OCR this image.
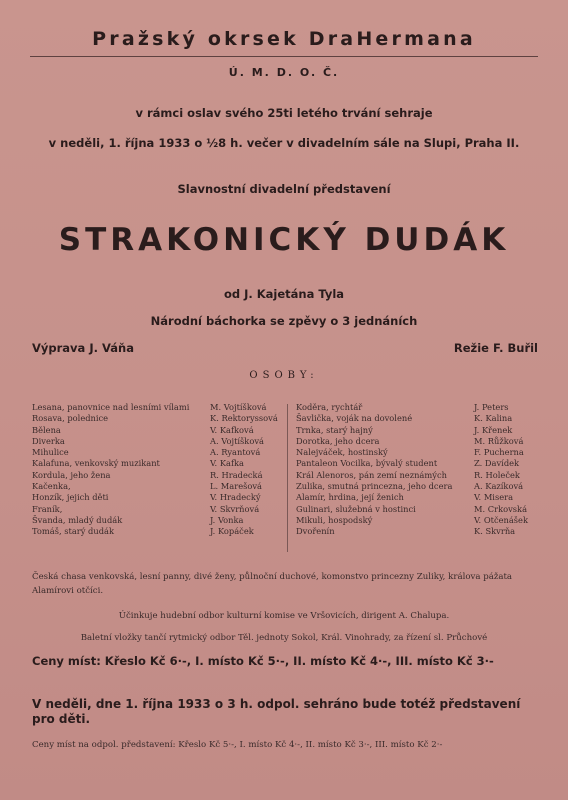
Pražský okrsek DraHermana
Ú. M. D. O. Č.
v rámci oslav svého 25ti letého trvání sehraje
v neděli, 1. října 1933 o ½8 h. večer v divadelním sále na Slupi, Praha II.
Slavnostní divadelní představení
STRAKONICKÝ DUDÁK
od J. Kajetána Tyla
Národní báchorka se zpěvy o 3 jednáních
Výprava J. Váňa	Režie F. Buřil
OSOBY:
Lesana, panovnice nad lesními vílami M. Vojtíšková
Rosava, polednice	K. Rektoryssová
Bělena	V. Kafková
Diverka	A. Vojtíšková
Mihulice	A. Ryantová
Kalafuna, venkovský muzikant	V. Kafka
Kordula, jeho žena	R. Hradecká
Kačenka,	L. Marešová
Honzík, jejich děti	V. Hradecký
Franík,	V. Skvrňová
Švanda, mladý dudák	J. Vonka
Tomáš, starý dudák	J. Kopáček
Koděra, rychtář	J. Peters
Šavlička, voják na dovolené	K. Kalina
Trnka, starý hajný	J. Křenek
Dorotka, jeho dcera	M. Růžková
Nalejváček, hostinský	F. Pucherna
Pantaleon Vocilka, bývalý student	Z. Davídek
Král Alenoros, pán zemí neznámých	R. Holeček
Zulika, smutná princezna, jeho dcera	A. Kazíková
Alamír, hrdina, její ženich	V. Misera
Gulinari, služebná v hostinci	M. Crkovská
Mikuli, hospodský	V. Otčenášek
Dvořenín	K. Skvrňa
Česká chasa venkovská, lesní panny, divé ženy, půlnoční duchové, komonstvo princezny Zuliky, králova pážata Alamírovi otčíci.
Účinkuje hudební odbor kulturní komise ve Vršovicích, dirigent A. Chalupa.
Baletní vložky tančí rytmický odbor Těl. jednoty Sokol, Král. Vinohrady, za řízení sl. Průchové
Ceny míst: Křeslo Kč 6·-, I. místo Kč 5·-, II. místo Kč 4·-, III. místo Kč 3·-
V neděli, dne 1. října 1933 o 3 h. odpol. sehráno bude totéž představení pro děti.
Ceny míst na odpol. představení: Křeslo Kč 5·-, I. místo Kč 4·-, II. místo Kč 3·-, III. místo Kč 2·-
